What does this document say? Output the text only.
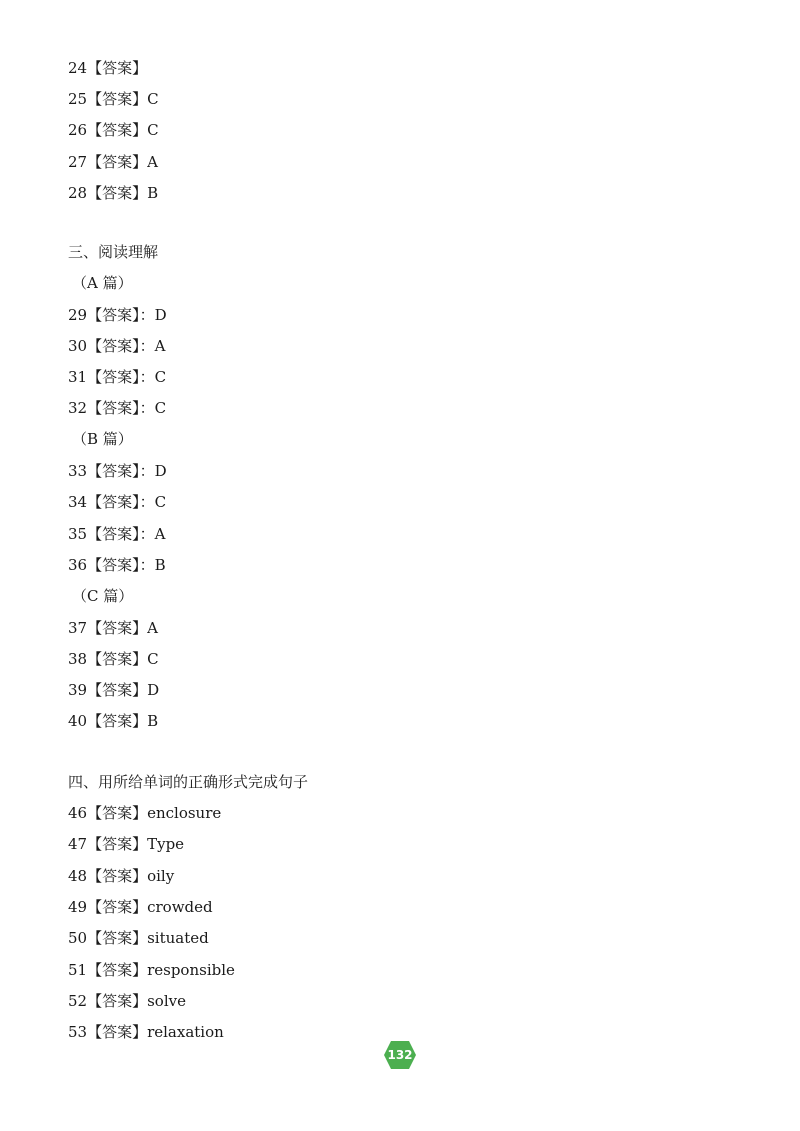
24【答案】
25【答案】C
26【答案】C
27【答案】A
28【答案】B
三、阅读理解
（A 篇）
29【答案】：D
30【答案】：A
31【答案】：C
32【答案】：C
（B 篇）
33【答案】：D
34【答案】：C
35【答案】：A
36【答案】：B
（C 篇）
37【答案】A
38【答案】C
39【答案】D
40【答案】B
四、用所给单词的正确形式完成句子
46【答案】enclosure
47【答案】Type
48【答案】oily
49【答案】crowded
50【答案】situated
51【答案】responsible
52【答案】solve
53【答案】relaxation
132
